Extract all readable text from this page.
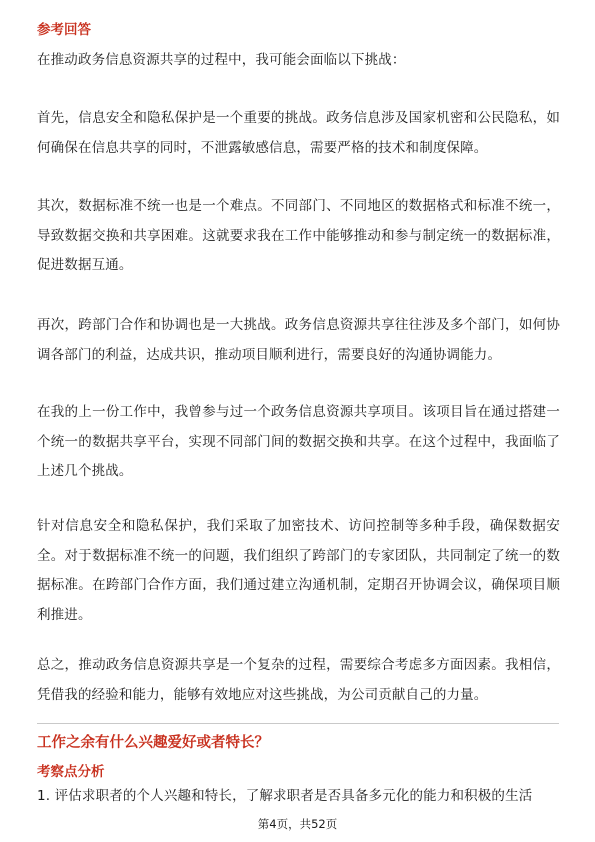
参考回答

在推动政务信息资源共享的过程中，我可能会面临以下挑战：

首先，信息安全和隐私保护是一个重要的挑战。政务信息涉及国家机密和公民隐私，如何确保在信息共享的同时，不泄露敏感信息，需要严格的技术和制度保障。

其次，数据标准不统一也是一个难点。不同部门、不同地区的数据格式和标准不统一，导致数据交换和共享困难。这就要求我在工作中能够推动和参与制定统一的数据标准，促进数据互通。

再次，跨部门合作和协调也是一大挑战。政务信息资源共享往往涉及多个部门，如何协调各部门的利益，达成共识，推动项目顺利进行，需要良好的沟通协调能力。

在我的上一份工作中，我曾参与过一个政务信息资源共享项目。该项目旨在通过搭建一个统一的数据共享平台，实现不同部门间的数据交换和共享。在这个过程中，我面临了上述几个挑战。

针对信息安全和隐私保护，我们采取了加密技术、访问控制等多种手段，确保数据安全。对于数据标准不统一的问题，我们组织了跨部门的专家团队，共同制定了统一的数据标准。在跨部门合作方面，我们通过建立沟通机制，定期召开协调会议，确保项目顺利推进。

总之，推动政务信息资源共享是一个复杂的过程，需要综合考虑多方面因素。我相信，凭借我的经验和能力，能够有效地应对这些挑战，为公司贡献自己的力量。

工作之余有什么兴趣爱好或者特长？

考察点分析

1. 评估求职者的个人兴趣和特长，了解求职者是否具备多元化的能力和积极的生活

第4页，共52页
